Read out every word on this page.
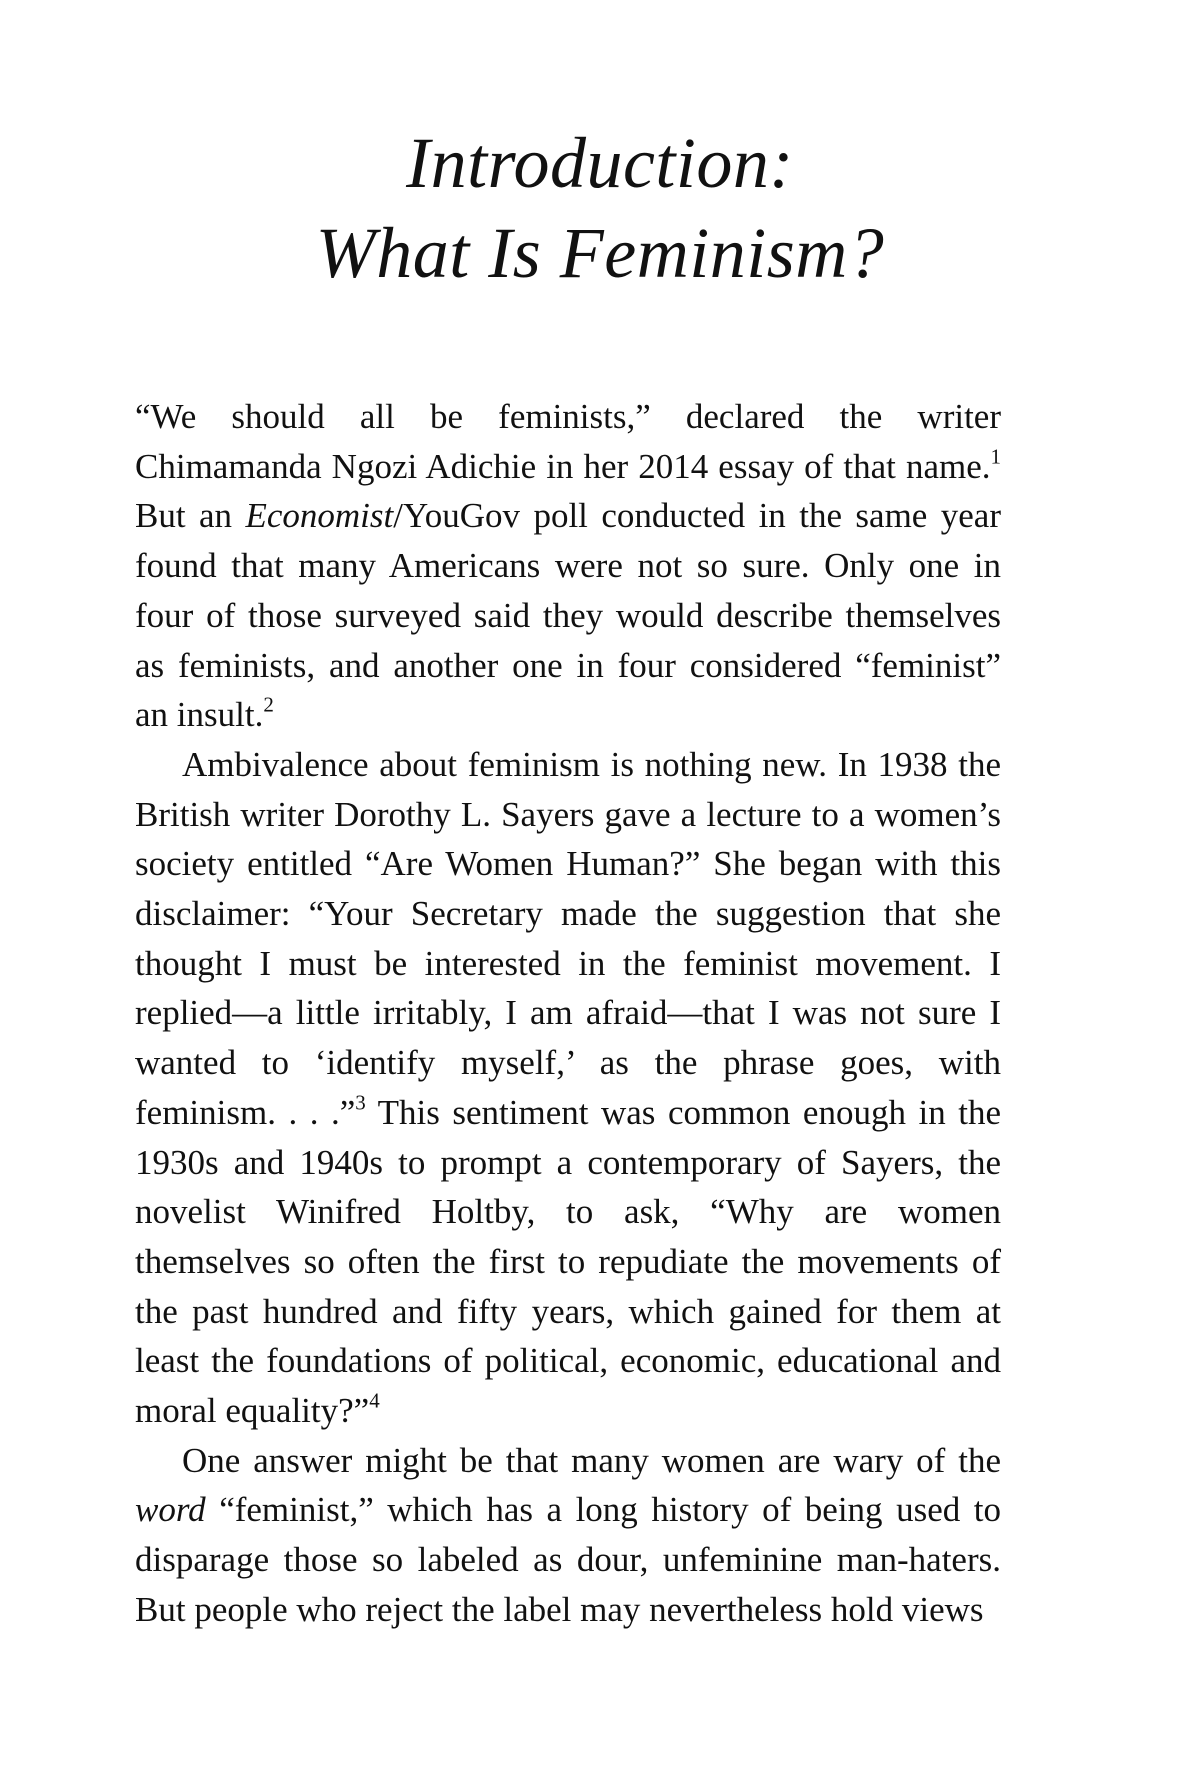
Introduction:
What Is Feminism?

“We should all be feminists,” declared the writer Chimamanda Ngozi Adichie in her 2014 essay of that name.$^1$ But an Economist/YouGov poll conducted in the same year found that many Americans were not so sure. Only one in four of those surveyed said they would describe themselves as feminists, and another one in four considered “feminist” an insult.$^2$

Ambivalence about feminism is nothing new. In 1938 the British writer Dorothy L. Sayers gave a lecture to a women’s society entitled “Are Women Human?” She began with this disclaimer: “Your Secretary made the suggestion that she thought I must be interested in the feminist movement. I replied—a little irritably, I am afraid—that I was not sure I wanted to ‘identify myself,’ as the phrase goes, with feminism. . . .”$^3$ This sentiment was common enough in the 1930s and 1940s to prompt a contemporary of Sayers, the novelist Winifred Holtby, to ask, “Why are women themselves so often the first to repudiate the movements of the past hundred and fifty years, which gained for them at least the foundations of political, economic, educational and moral equality?”$^4$

One answer might be that many women are wary of the word “feminist,” which has a long history of being used to disparage those so labeled as dour, unfeminine man-haters. But people who reject the label may nevertheless hold views
